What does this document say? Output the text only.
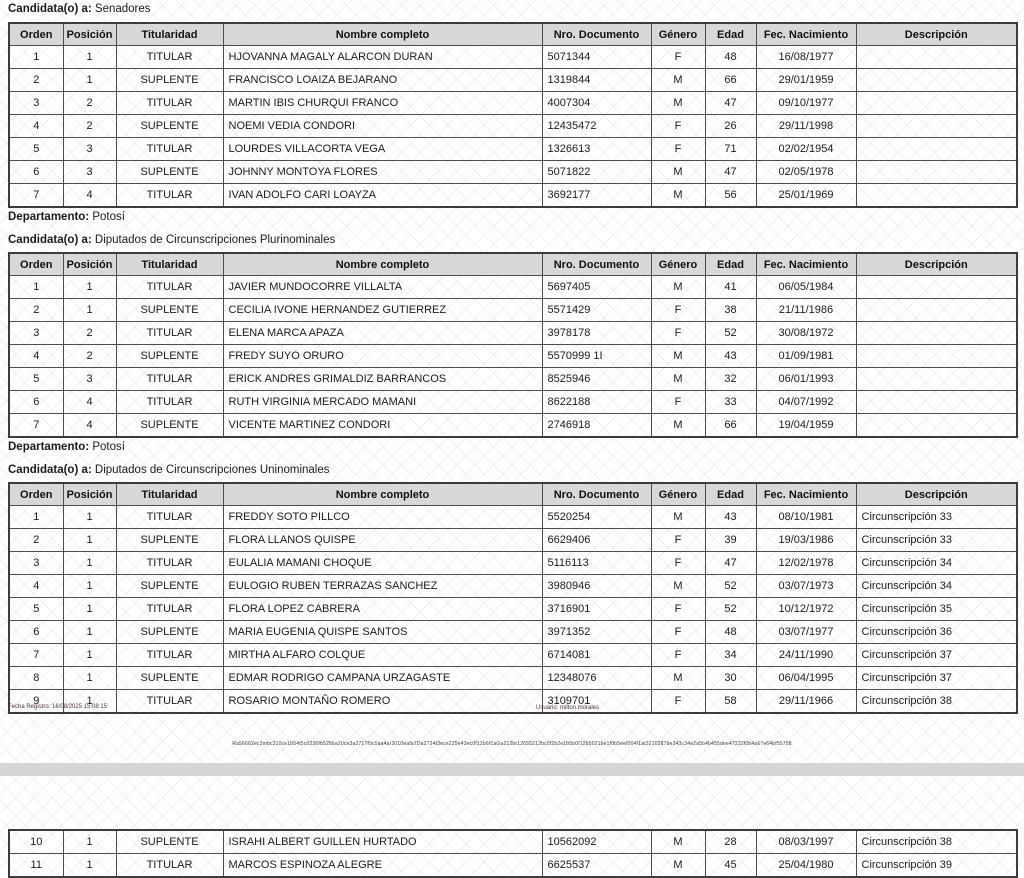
Candidata(o) a: Senadores
Orden	Posición	Titularidad	Nombre completo	Nro. Documento	Género	Edad	Fec. Nacimiento	Descripción
1	1	TITULAR	HJOVANNA MAGALY ALARCON DURAN	5071344	F	48	16/08/1977	
2	1	SUPLENTE	FRANCISCO LOAIZA BEJARANO	1319844	M	66	29/01/1959	
3	2	TITULAR	MARTIN IBIS CHURQUI FRANCO	4007304	M	47	09/10/1977	
4	2	SUPLENTE	NOEMI VEDIA CONDORI	12435472	F	26	29/11/1998	
5	3	TITULAR	LOURDES VILLACORTA VEGA	1326613	F	71	02/02/1954	
6	3	SUPLENTE	JOHNNY MONTOYA FLORES	5071822	M	47	02/05/1978	
7	4	TITULAR	IVAN ADOLFO CARI LOAYZA	3692177	M	56	25/01/1969	
Departamento: Potosí
Candidata(o) a: Diputados de Circunscripciones Plurinominales
Orden	Posición	Titularidad	Nombre completo	Nro. Documento	Género	Edad	Fec. Nacimiento	Descripción
1	1	TITULAR	JAVIER MUNDOCORRE VILLALTA	5697405	M	41	06/05/1984	
2	1	SUPLENTE	CECILIA IVONE HERNANDEZ GUTIERREZ	5571429	F	38	21/11/1986	
3	2	TITULAR	ELENA MARCA APAZA	3978178	F	52	30/08/1972	
4	2	SUPLENTE	FREDY SUYO ORURO	5570999 1I	M	43	01/09/1981	
5	3	TITULAR	ERICK ANDRES GRIMALDIZ BARRANCOS	8525946	M	32	06/01/1993	
6	4	TITULAR	RUTH VIRGINIA MERCADO MAMANI	8622188	F	33	04/07/1992	
7	4	SUPLENTE	VICENTE MARTINEZ CONDORI	2746918	M	66	19/04/1959	
Departamento: Potosí
Candidata(o) a: Diputados de Circunscripciones Uninominales
Orden	Posición	Titularidad	Nombre completo	Nro. Documento	Género	Edad	Fec. Nacimiento	Descripción
1	1	TITULAR	FREDDY SOTO PILLCO	5520254	M	43	08/10/1981	Circunscripción 33
2	1	SUPLENTE	FLORA LLANOS QUISPE	6629406	F	39	19/03/1986	Circunscripción 33
3	1	TITULAR	EULALIA MAMANI CHOQUE	5116113	F	47	12/02/1978	Circunscripción 34
4	1	SUPLENTE	EULOGIO RUBEN TERRAZAS SANCHEZ	3980946	M	52	03/07/1973	Circunscripción 34
5	1	TITULAR	FLORA LOPEZ CABRERA	3716901	F	52	10/12/1972	Circunscripción 35
6	1	SUPLENTE	MARIA EUGENIA QUISPE SANTOS	3971352	F	48	03/07/1977	Circunscripción 36
7	1	TITULAR	MIRTHA ALFARO COLQUE	6714081	F	34	24/11/1990	Circunscripción 37
8	1	SUPLENTE	EDMAR RODRIGO CAMPANA URZAGASTE	12348076	M	30	06/04/1995	Circunscripción 37
9	1	TITULAR	ROSARIO MONTAÑO ROMERO	3109701	F	58	29/11/1966	Circunscripción 38
Fecha Registro: 16/08/2025 15:08:15	Usuario: milton.morales
Ra56662ec3mbc310ce1b54t5c0236fb526ba20ce3a2717f0c0aa4ar3010eafa7Da2724t3ece225e43ec0f12b6f1aGa212br12655212bc0f2b2e1b5b0f12b5021be1f0b5eef004f1at3210287be343c34e2a5b4b455dee47232f0b4a67e64bf55758
10	1	SUPLENTE	ISRAHI ALBERT GUILLEN HURTADO	10562092	M	28	08/03/1997	Circunscripción 38
11	1	TITULAR	MARCOS ESPINOZA ALEGRE	6625537	M	45	25/04/1980	Circunscripción 39
